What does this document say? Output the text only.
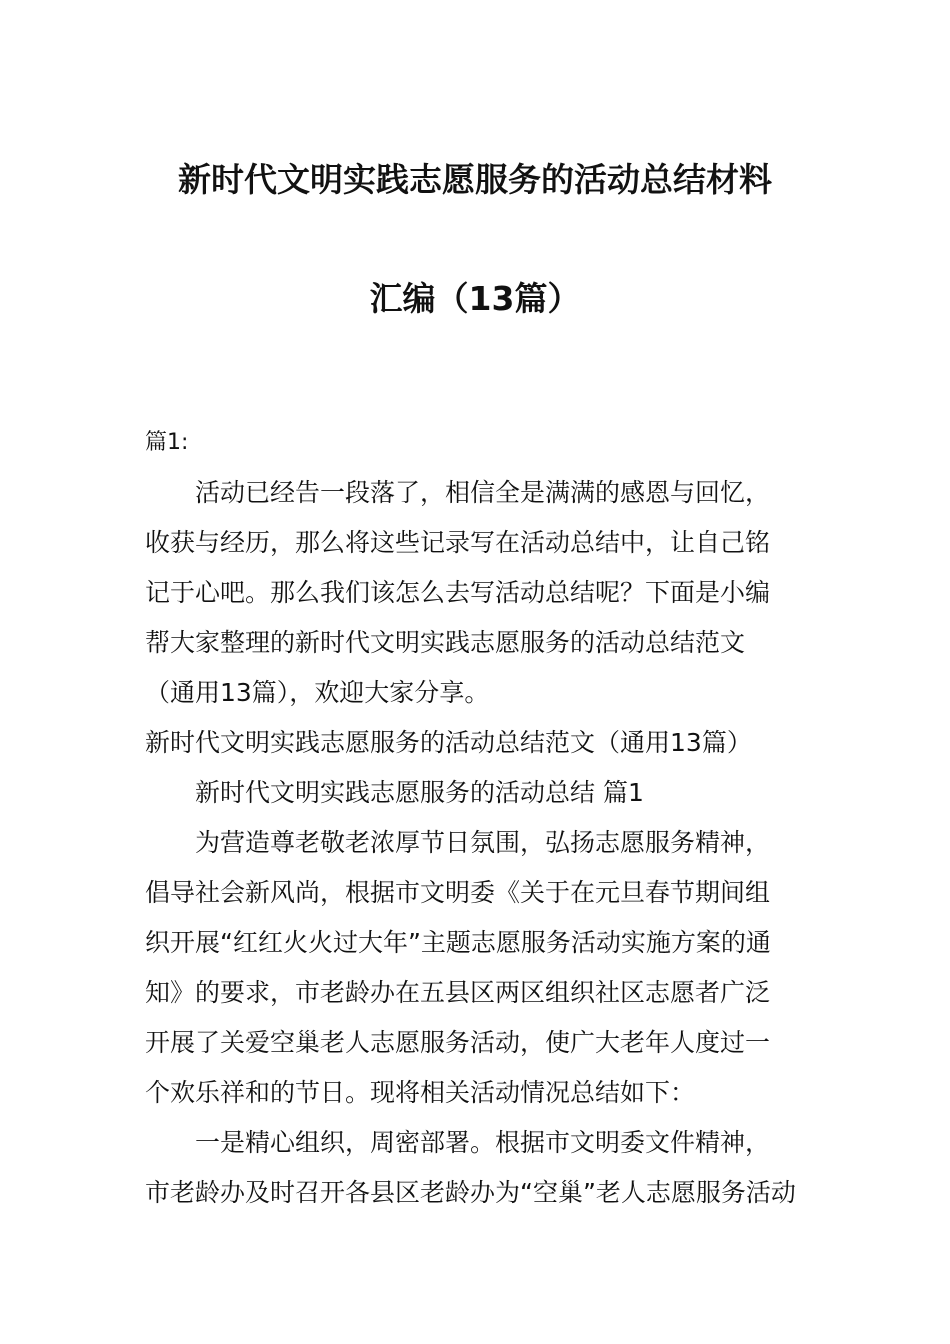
新时代文明实践志愿服务的活动总结材料
汇编（13篇）

篇1:

活动已经告一段落了，相信全是满满的感恩与回忆，

收获与经历，那么将这些记录写在活动总结中，让自己铭

记于心吧。那么我们该怎么去写活动总结呢？下面是小编

帮大家整理的新时代文明实践志愿服务的活动总结范文

（通用13篇），欢迎大家分享。

新时代文明实践志愿服务的活动总结范文（通用13篇）

新时代文明实践志愿服务的活动总结 篇1

为营造尊老敬老浓厚节日氛围，弘扬志愿服务精神，

倡导社会新风尚，根据市文明委《关于在元旦春节期间组

织开展“红红火火过大年”主题志愿服务活动实施方案的通

知》的要求，市老龄办在五县区两区组织社区志愿者广泛

开展了关爱空巢老人志愿服务活动，使广大老年人度过一

个欢乐祥和的节日。现将相关活动情况总结如下：

一是精心组织，周密部署。根据市文明委文件精神，

市老龄办及时召开各县区老龄办为“空巢”老人志愿服务活动
